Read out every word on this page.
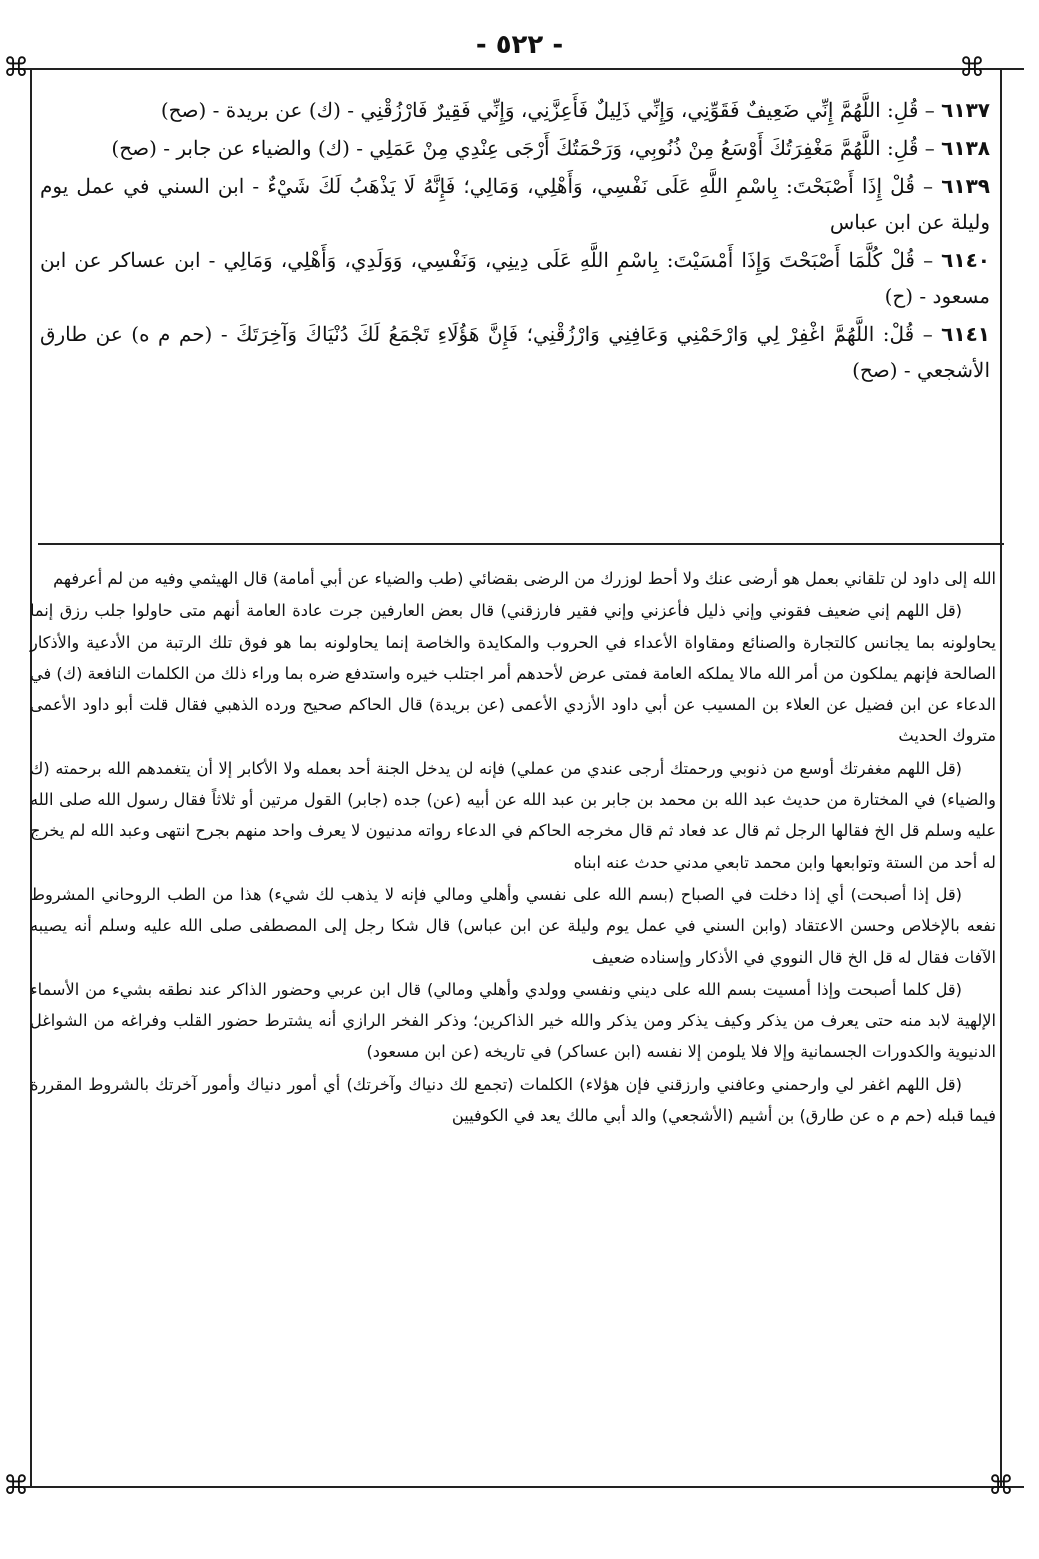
- ٥٢٢ -
⌘	⌘
⌘	⌘

٦١٣٧ – قُلِ: اللَّهُمَّ إِنِّي ضَعِيفٌ فَقَوِّنِي، وَإِنِّي ذَلِيلٌ فَأَعِزَّنِي، وَإِنِّي فَقِيرٌ فَارْزُقْنِي - (ك) عن بريدة - (صح)

٦١٣٨ – قُلِ: اللَّهُمَّ مَغْفِرَتُكَ أَوْسَعُ مِنْ ذُنُوبِي، وَرَحْمَتُكَ أَرْجَى عِنْدِي مِنْ عَمَلِي - (ك) والضياء عن جابر - (صح)

٦١٣٩ – قُلْ إِذَا أَصْبَحْتَ: بِاسْمِ اللَّهِ عَلَى نَفْسِي، وَأَهْلِي، وَمَالِي؛ فَإِنَّهُ لَا يَذْهَبُ لَكَ شَيْءٌ - ابن السني في عمل يوم وليلة عن ابن عباس

٦١٤٠ – قُلْ كُلَّمَا أَصْبَحْتَ وَإِذَا أَمْسَيْتَ: بِاسْمِ اللَّهِ عَلَى دِينِي، وَنَفْسِي، وَوَلَدِي، وَأَهْلِي، وَمَالِي - ابن عساكر عن ابن مسعود - (ح)

٦١٤١ – قُلْ: اللَّهُمَّ اغْفِرْ لِي وَارْحَمْنِي وَعَافِنِي وَارْزُقْنِي؛ فَإِنَّ هَؤُلَاءِ تَجْمَعُ لَكَ دُنْيَاكَ وَآخِرَتَكَ - (حم م ه) عن طارق الأشجعي - (صح)

الله إلى داود لن تلقاني بعمل هو أرضى عنك ولا أحط لوزرك من الرضى بقضائي (طب والضياء عن أبي أمامة) قال الهيثمي وفيه من لم أعرفهم

(قل اللهم إني ضعيف فقوني وإني ذليل فأعزني وإني فقير فارزقني) قال بعض العارفين جرت عادة العامة أنهم متى حاولوا جلب رزق إنما يحاولونه بما يجانس كالتجارة والصنائع ومقاواة الأعداء في الحروب والمكايدة والخاصة إنما يحاولونه بما هو فوق تلك الرتبة من الأدعية والأذكار الصالحة فإنهم يملكون من أمر الله مالا يملكه العامة فمتى عرض لأحدهم أمر اجتلب خيره واستدفع ضره بما وراء ذلك من الكلمات النافعة (ك) في الدعاء عن ابن فضيل عن العلاء بن المسيب عن أبي داود الأزدي الأعمى (عن بريدة) قال الحاكم صحيح ورده الذهبي فقال قلت أبو داود الأعمى متروك الحديث

(قل اللهم مغفرتك أوسع من ذنوبي ورحمتك أرجى عندي من عملي) فإنه لن يدخل الجنة أحد بعمله ولا الأكابر إلا أن يتغمدهم الله برحمته (ك والضياء) في المختارة من حديث عبد الله بن محمد بن جابر بن عبد الله عن أبيه (عن) جده (جابر) القول مرتين أو ثلاثاً فقال رسول الله صلى الله عليه وسلم قل الخ فقالها الرجل ثم قال عد فعاد ثم قال مخرجه الحاكم في الدعاء رواته مدنيون لا يعرف واحد منهم بجرح انتهى وعبد الله لم يخرج له أحد من الستة وتوابعها وابن محمد تابعي مدني حدث عنه ابناه

(قل إذا أصبحت) أي إذا دخلت في الصباح (بسم الله على نفسي وأهلي ومالي فإنه لا يذهب لك شيء) هذا من الطب الروحاني المشروط نفعه بالإخلاص وحسن الاعتقاد (وابن السني في عمل يوم وليلة عن ابن عباس) قال شكا رجل إلى المصطفى صلى الله عليه وسلم أنه يصيبه الآفات فقال له قل الخ قال النووي في الأذكار وإسناده ضعيف

(قل كلما أصبحت وإذا أمسيت بسم الله على ديني ونفسي وولدي وأهلي ومالي) قال ابن عربي وحضور الذاكر عند نطقه بشيء من الأسماء الإلهية لابد منه حتى يعرف من يذكر وكيف يذكر ومن يذكر والله خير الذاكرين؛ وذكر الفخر الرازي أنه يشترط حضور القلب وفراغه من الشواغل الدنيوية والكدورات الجسمانية وإلا فلا يلومن إلا نفسه (ابن عساكر) في تاريخه (عن ابن مسعود)

(قل اللهم اغفر لي وارحمني وعافني وارزقني فإن هؤلاء) الكلمات (تجمع لك دنياك وآخرتك) أي أمور دنياك وأمور آخرتك بالشروط المقررة فيما قبله (حم م ه عن طارق) بن أشيم (الأشجعي) والد أبي مالك يعد في الكوفيين
